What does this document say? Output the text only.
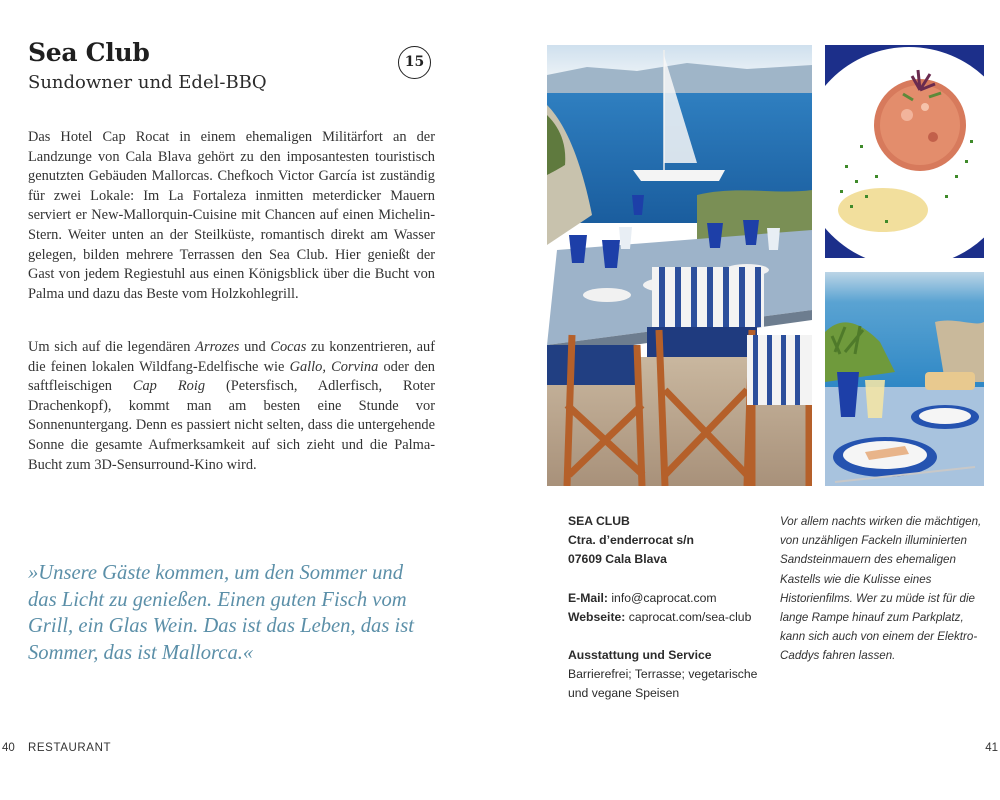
Sea Club
Sundowner und Edel-BBQ
15

Das Hotel Cap Rocat in einem ehemaligen Militärfort an der Landzunge von Cala Blava gehört zu den imposantesten touristisch genutzten Gebäuden Mallorcas. Chefkoch Victor García ist zuständig für zwei Lokale: Im La Fortaleza inmitten meterdicker Mauern serviert er New-Mallorquin-Cuisine mit Chancen auf einen Michelin-Stern. Weiter unten an der Steilküste, romantisch direkt am Wasser gelegen, bilden mehrere Terrassen den Sea Club. Hier genießt der Gast von jedem Regiestuhl aus einen Königsblick über die Bucht von Palma und dazu das Beste vom Holzkohlegrill.

Um sich auf die legendären Arrozes und Cocas zu konzentrieren, auf die feinen lokalen Wildfang-Edelfische wie Gallo, Corvina oder den saftfleischigen Cap Roig (Petersfisch, Adlerfisch, Roter Drachenkopf), kommt man am besten eine Stunde vor Sonnenuntergang. Denn es passiert nicht selten, dass die untergehende Sonne die gesamte Aufmerksamkeit auf sich zieht und die Palma-Bucht zum 3D-Sensurround-Kino wird.

»Unsere Gäste kommen, um den Sommer und das Licht zu genießen. Einen guten Fisch vom Grill, ein Glas Wein. Das ist das Leben, das ist Sommer, das ist Mallorca.«

SEA CLUB
Ctra. d’enderrocat s/n
07609 Cala Blava
E-Mail: info@caprocat.com
Webseite: caprocat.com/sea-club
Ausstattung und Service
Barrierefrei; Terrasse; vegetarische und vegane Speisen
Vor allem nachts wirken die mächtigen, von unzähligen Fackeln illuminierten Sandsteinmauern des ehemaligen Kastells wie die Kulisse eines Historienfilms. Wer zu müde ist für die lange Rampe hinauf zum Parkplatz, kann sich auch von einem der Elektro-Caddys fahren lassen.
40 RESTAURANT	41
